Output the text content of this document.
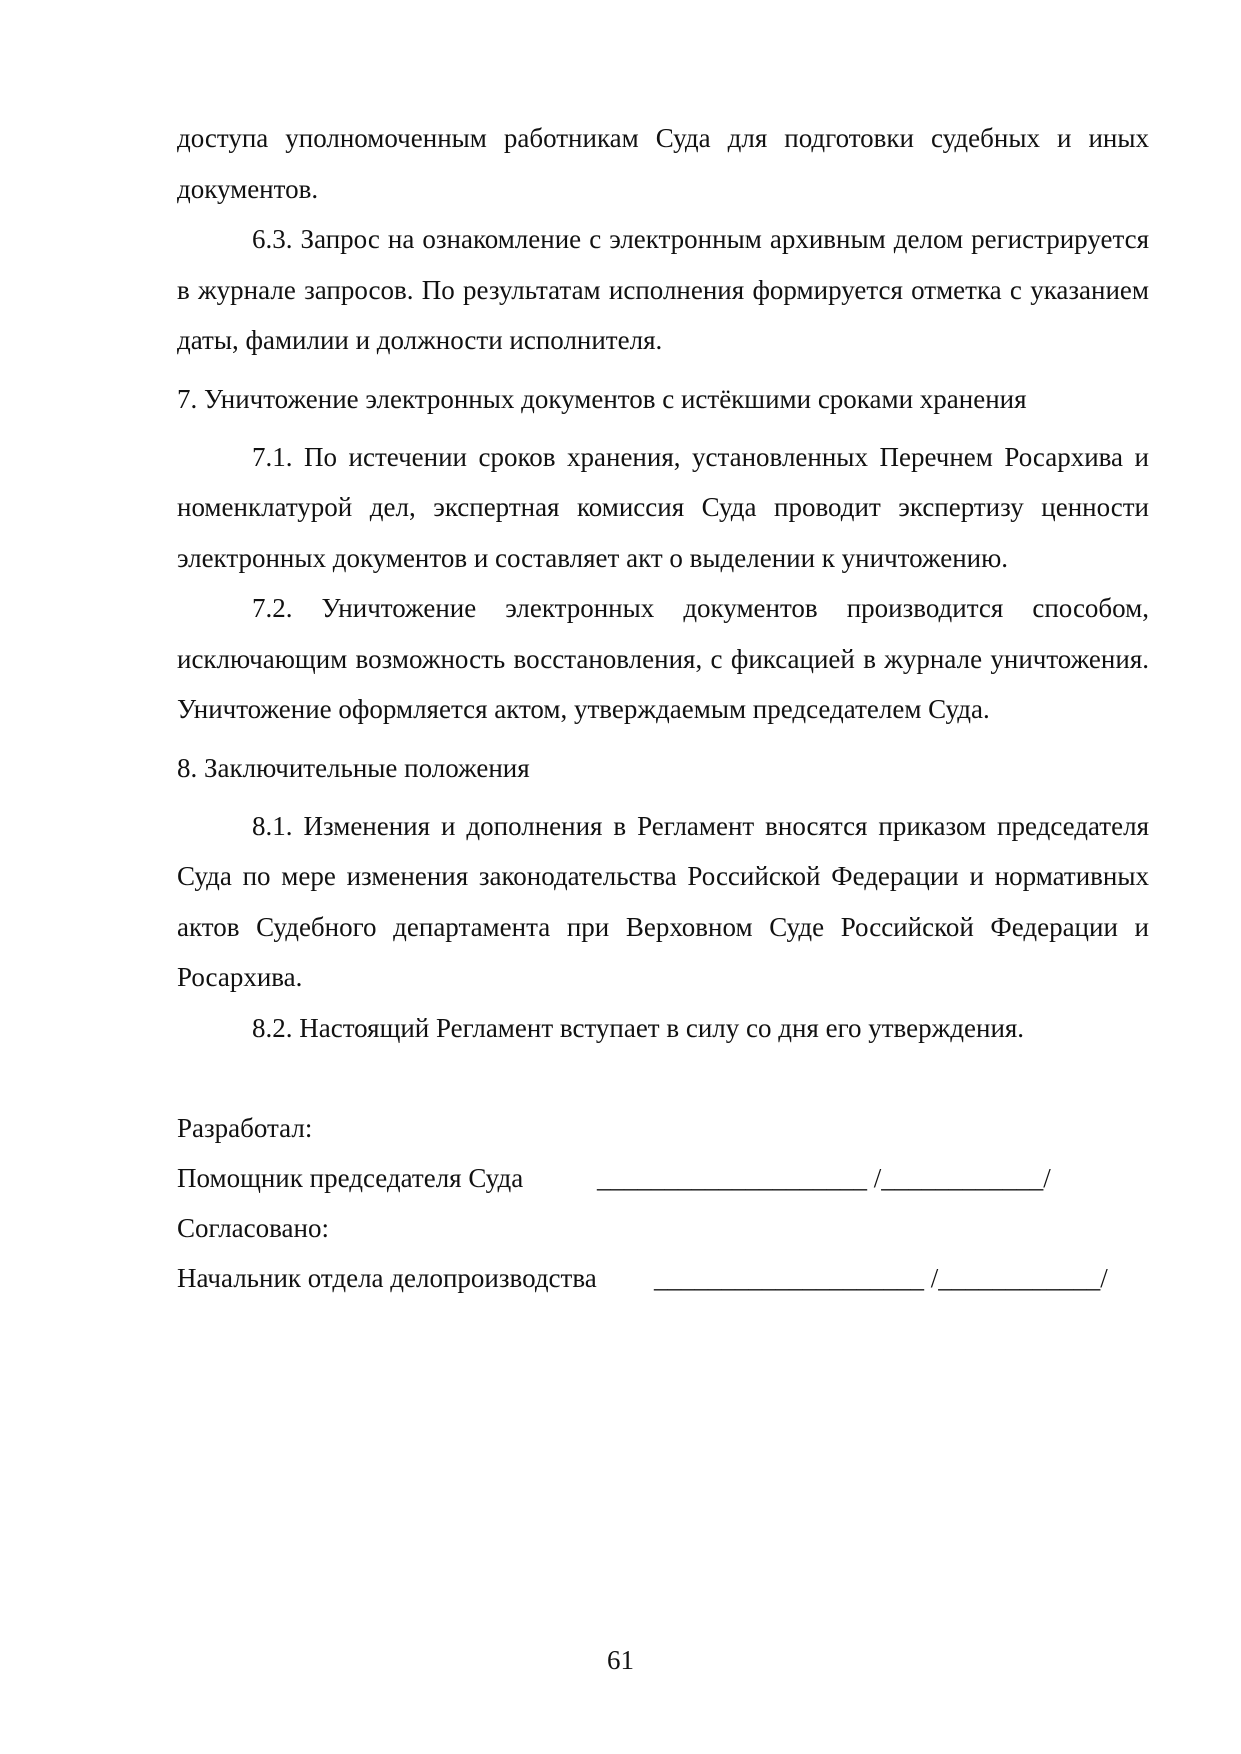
доступа уполномоченным работникам Суда для подготовки судебных и иных документов.

6.3. Запрос на ознакомление с электронным архивным делом регистрируется в журнале запросов. По результатам исполнения формируется отметка с указанием даты, фамилии и должности исполнителя.

7. Уничтожение электронных документов с истёкшими сроками хранения

7.1. По истечении сроков хранения, установленных Перечнем Росархива и номенклатурой дел, экспертная комиссия Суда проводит экспертизу ценности электронных документов и составляет акт о выделении к уничтожению.

7.2. Уничтожение электронных документов производится способом, исключающим возможность восстановления, с фиксацией в журнале уничтожения. Уничтожение оформляется актом, утверждаемым председателем Суда.

8. Заключительные положения

8.1. Изменения и дополнения в Регламент вносятся приказом председателя Суда по мере изменения законодательства Российской Федерации и нормативных актов Судебного департамента при Верховном Суде Российской Федерации и Росархива.

8.2. Настоящий Регламент вступает в силу со дня его утверждения.

Разработал:

Помощник председателя Суда

	____________________ /____________/

Согласовано:

Начальник отдела делопроизводства

____________________ /____________/

61
